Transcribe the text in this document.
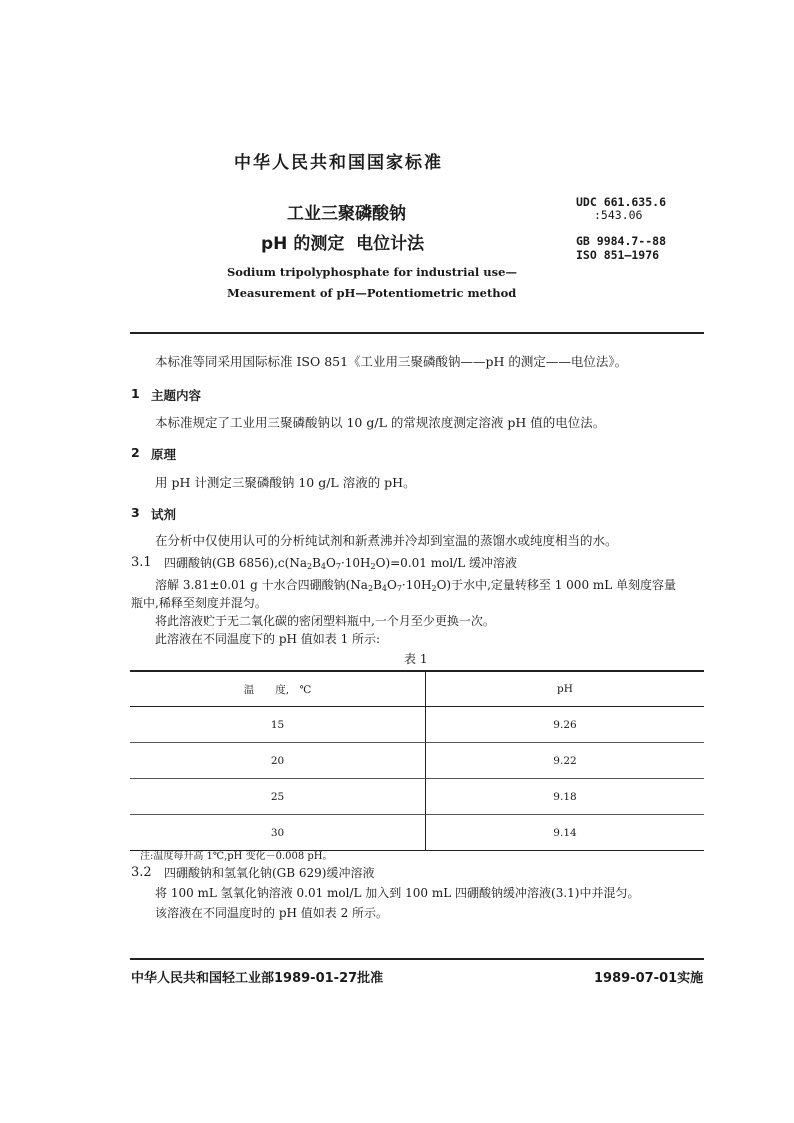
中华人民共和国国家标准
工业三聚磷酸钠
pH 的测定  电位计法
Sodium tripolyphosphate for industrial use—
Measurement of pH—Potentiometric method
UDC 661.635.6
:543.06
GB 9984.7--88
ISO 851—1976
本标准等同采用国际标准 ISO 851《工业用三聚磷酸钠——pH 的测定——电位法》。
1 主题内容
本标准规定了工业用三聚磷酸钠以 10 g/L 的常规浓度测定溶液 pH 值的电位法。
2 原理
用 pH 计测定三聚磷酸钠 10 g/L 溶液的 pH。
3 试剂
在分析中仅使用认可的分析纯试剂和新煮沸并冷却到室温的蒸馏水或纯度相当的水。
3.1 四硼酸钠(GB $6856),c(Na_2B_4O_7\cdot 10H_2O)=0.01$ mol/L 缓冲溶液
溶解 3.81±0.01 g 十水合四硼酸钠$(Na_2B_4O_7\cdot 10H_2O)$于水中,定量转移至 1 000 mL 单刻度容量
瓶中,稀释至刻度并混匀。
将此溶液贮于无二氧化碳的密闭塑料瓶中,一个月至少更换一次。
此溶液在不同温度下的 pH 值如表 1 所示:
表 1
温　　度,　℃	pH
15	9.26
20	9.22
25	9.18
30	9.14
注:温度每升高 1℃,pH 变化－0.008 pH。
3.2 四硼酸钠和氢氧化钠(GB 629)缓冲溶液
将 100 mL 氢氧化钠溶液 0.01 mol/L 加入到 100 mL 四硼酸钠缓冲溶液(3.1)中并混匀。
该溶液在不同温度时的 pH 值如表 2 所示。
中华人民共和国轻工业部1989-01-27批准	1989-07-01实施
